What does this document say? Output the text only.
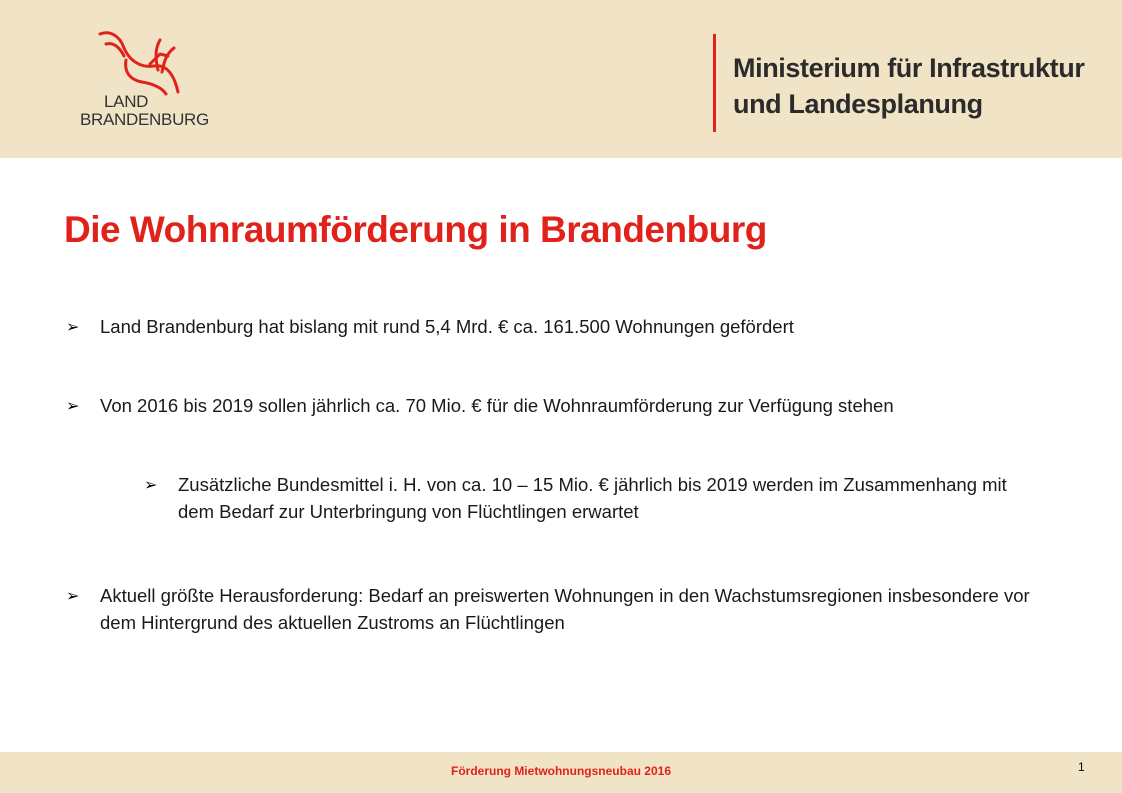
LAND
BRANDENBURG
Ministerium für Infrastruktur
und Landesplanung
Die Wohnraumförderung in Brandenburg
➢	Land Brandenburg hat bislang mit rund 5,4 Mrd. € ca. 161.500 Wohnungen gefördert
➢	Von 2016 bis 2019 sollen jährlich ca. 70 Mio. € für die Wohnraumförderung zur Verfügung stehen
➢	Zusätzliche Bundesmittel i. H. von ca. 10 – 15 Mio. € jährlich bis 2019 werden im Zusammenhang mit dem Bedarf zur Unterbringung von Flüchtlingen erwartet
➢	Aktuell größte Herausforderung: Bedarf an preiswerten Wohnungen in den Wachstumsregionen insbesondere vor dem Hintergrund des aktuellen Zustroms an Flüchtlingen
Förderung Mietwohnungsneubau 2016	1
